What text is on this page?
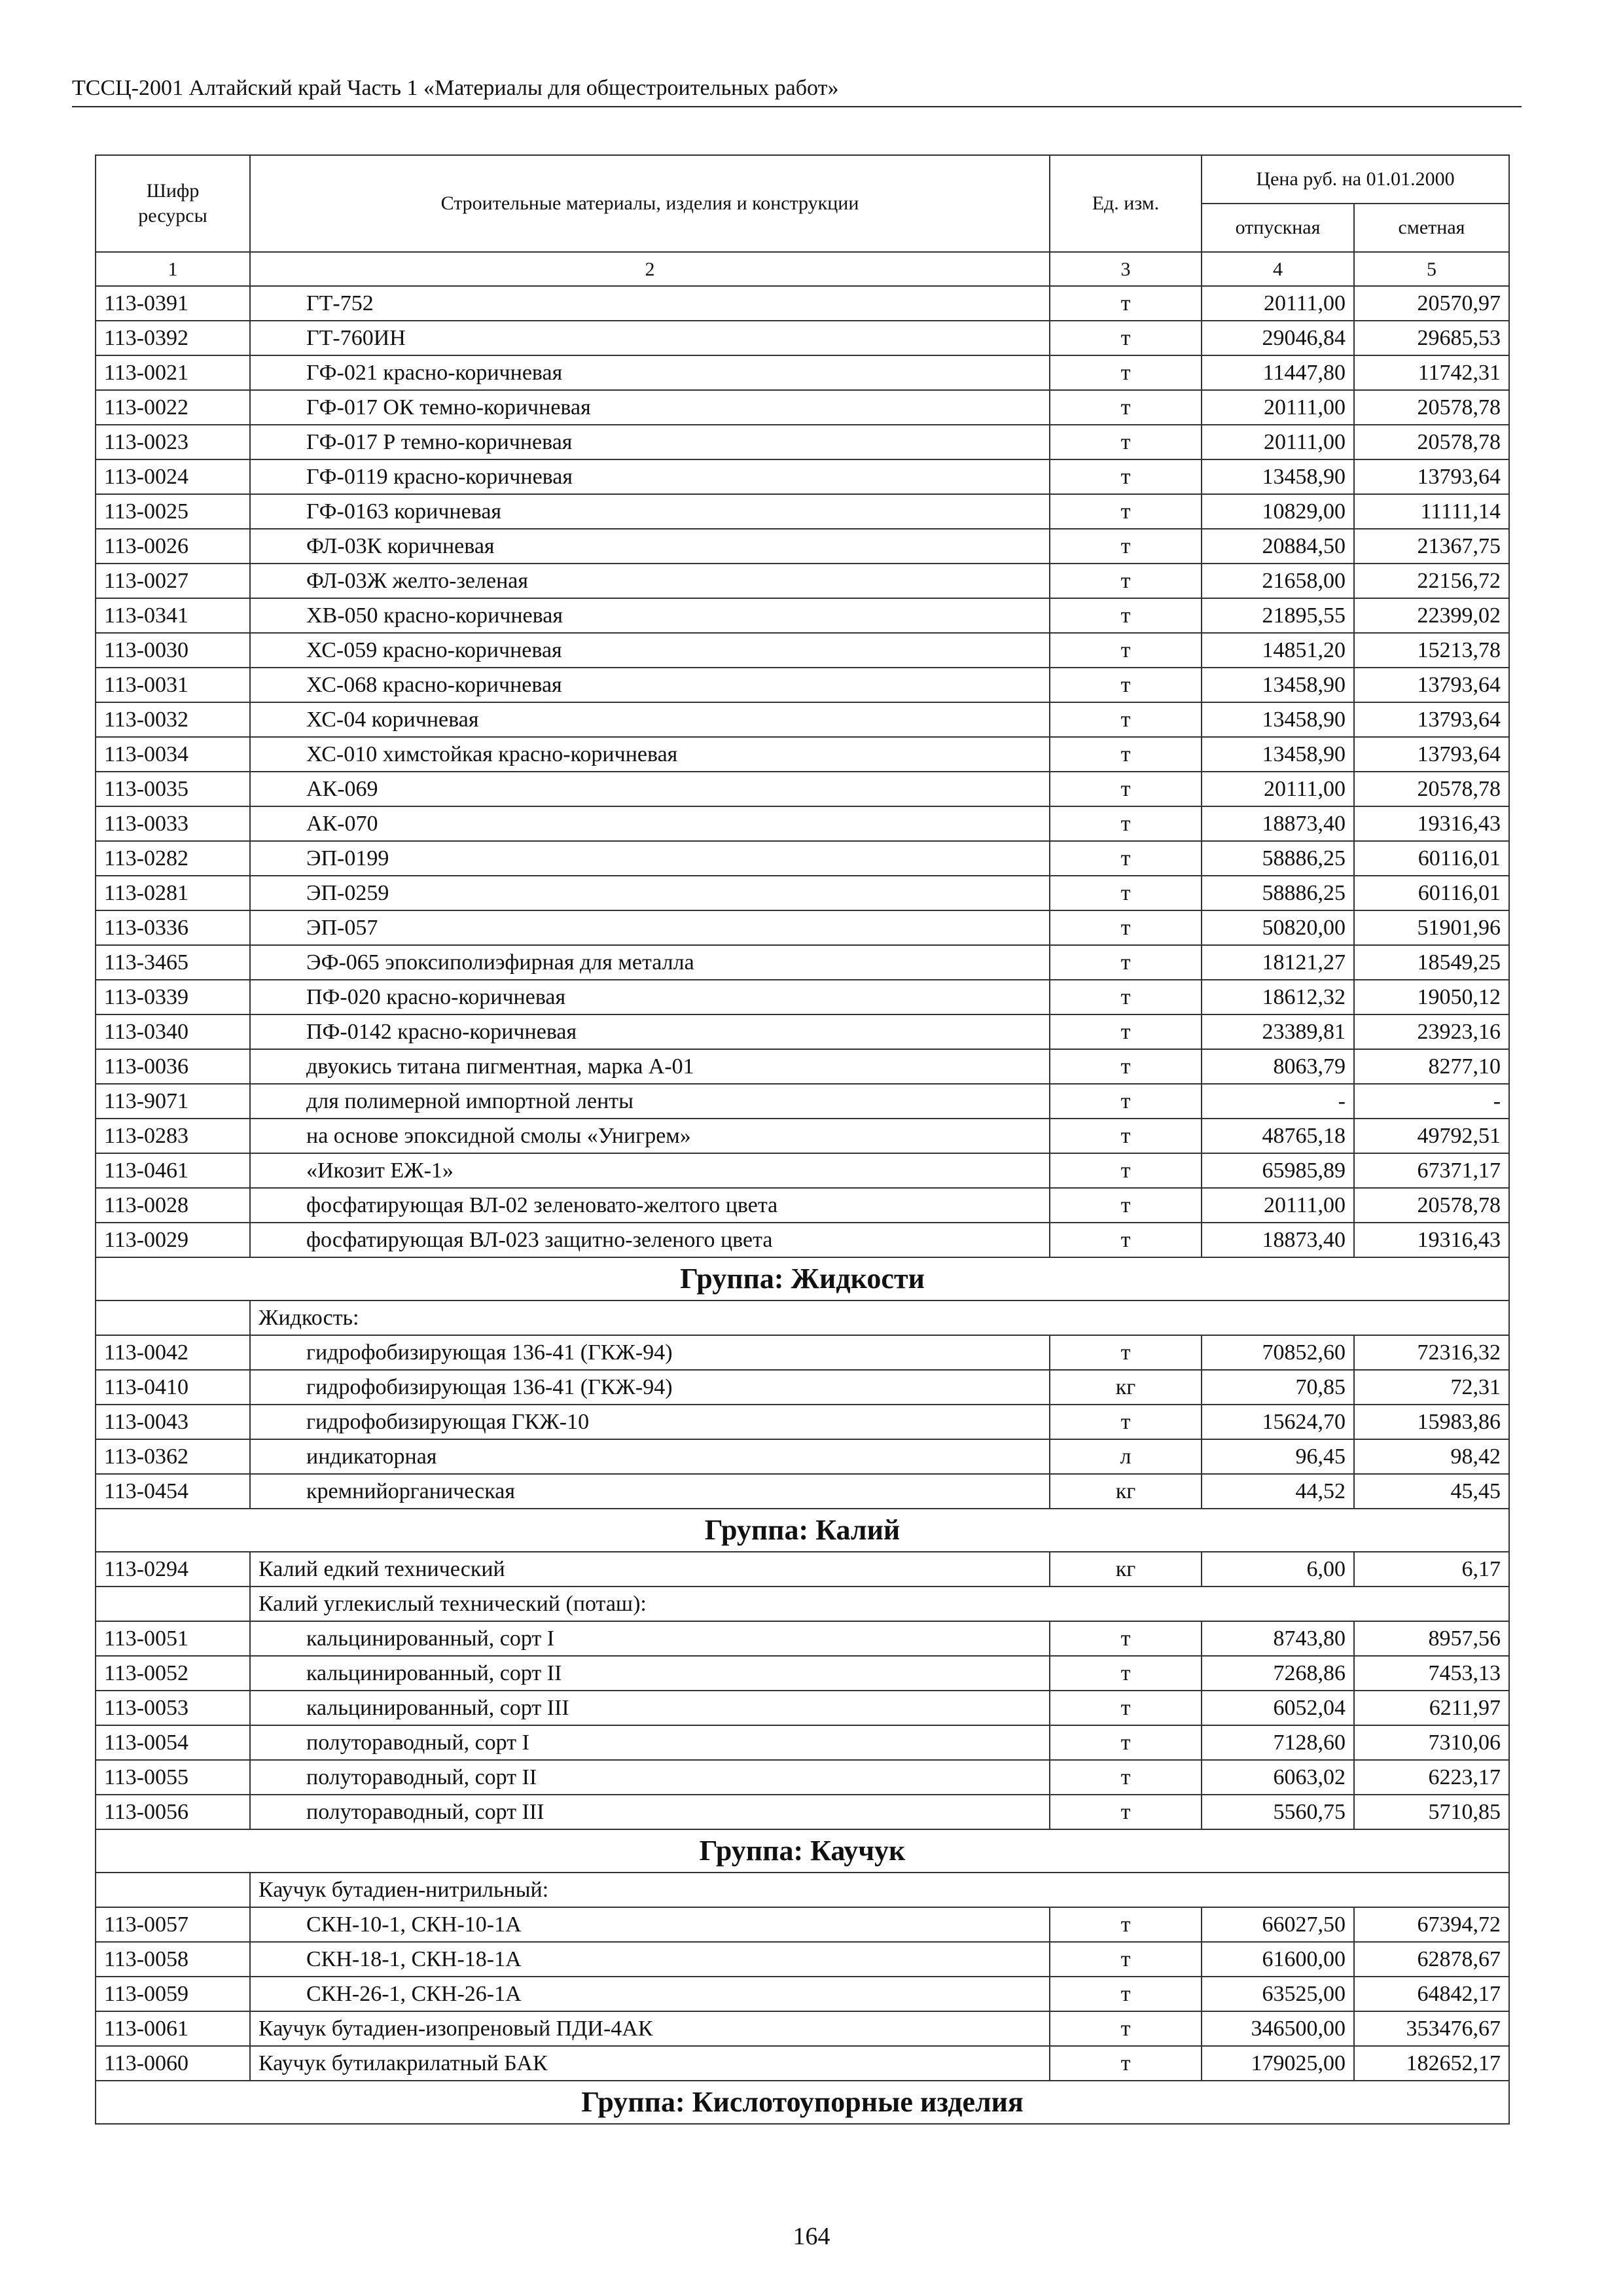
ТССЦ-2001 Алтайский край Часть 1 «Материалы для общестроительных работ»
Шифр ресурсы	Строительные материалы, изделия и конструкции	Ед. изм.	Цена руб. на 01.01.2000	
			отпускная	сметная
1	2	3	4	5
113-0391	ГТ-752	т	20111,00	20570,97
113-0392	ГТ-760ИН	т	29046,84	29685,53
113-0021	ГФ-021 красно-коричневая	т	11447,80	11742,31
113-0022	ГФ-017 ОК темно-коричневая	т	20111,00	20578,78
113-0023	ГФ-017 Р темно-коричневая	т	20111,00	20578,78
113-0024	ГФ-0119 красно-коричневая	т	13458,90	13793,64
113-0025	ГФ-0163 коричневая	т	10829,00	11111,14
113-0026	ФЛ-03К коричневая	т	20884,50	21367,75
113-0027	ФЛ-03Ж желто-зеленая	т	21658,00	22156,72
113-0341	ХВ-050 красно-коричневая	т	21895,55	22399,02
113-0030	ХС-059 красно-коричневая	т	14851,20	15213,78
113-0031	ХС-068 красно-коричневая	т	13458,90	13793,64
113-0032	ХС-04 коричневая	т	13458,90	13793,64
113-0034	ХС-010 химстойкая красно-коричневая	т	13458,90	13793,64
113-0035	АК-069	т	20111,00	20578,78
113-0033	АК-070	т	18873,40	19316,43
113-0282	ЭП-0199	т	58886,25	60116,01
113-0281	ЭП-0259	т	58886,25	60116,01
113-0336	ЭП-057	т	50820,00	51901,96
113-3465	ЭФ-065 эпоксиполиэфирная для металла	т	18121,27	18549,25
113-0339	ПФ-020 красно-коричневая	т	18612,32	19050,12
113-0340	ПФ-0142 красно-коричневая	т	23389,81	23923,16
113-0036	двуокись титана пигментная, марка А-01	т	8063,79	8277,10
113-9071	для полимерной импортной ленты	т	-	-
113-0283	на основе эпоксидной смолы «Унигрем»	т	48765,18	49792,51
113-0461	«Икозит ЕЖ-1»	т	65985,89	67371,17
113-0028	фосфатирующая ВЛ-02 зеленовато-желтого цвета	т	20111,00	20578,78
113-0029	фосфатирующая ВЛ-023 защитно-зеленого цвета	т	18873,40	19316,43
Группа: Жидкости				
	Жидкость:			
113-0042	гидрофобизирующая 136-41 (ГКЖ-94)	т	70852,60	72316,32
113-0410	гидрофобизирующая 136-41 (ГКЖ-94)	кг	70,85	72,31
113-0043	гидрофобизирующая ГКЖ-10	т	15624,70	15983,86
113-0362	индикаторная	л	96,45	98,42
113-0454	кремнийорганическая	кг	44,52	45,45
Группа: Калий				
113-0294	Калий едкий технический	кг	6,00	6,17
	Калий углекислый технический (поташ):			
113-0051	кальцинированный, сорт I	т	8743,80	8957,56
113-0052	кальцинированный, сорт II	т	7268,86	7453,13
113-0053	кальцинированный, сорт III	т	6052,04	6211,97
113-0054	полутораводный, сорт I	т	7128,60	7310,06
113-0055	полутораводный, сорт II	т	6063,02	6223,17
113-0056	полутораводный, сорт III	т	5560,75	5710,85
Группа: Каучук				
	Каучук бутадиен-нитрильный:			
113-0057	СКН-10-1, СКН-10-1А	т	66027,50	67394,72
113-0058	СКН-18-1, СКН-18-1А	т	61600,00	62878,67
113-0059	СКН-26-1, СКН-26-1А	т	63525,00	64842,17
113-0061	Каучук бутадиен-изопреновый ПДИ-4АК	т	346500,00	353476,67
113-0060	Каучук бутилакрилатный БАК	т	179025,00	182652,17
Группа: Кислотоупорные изделия				
164
